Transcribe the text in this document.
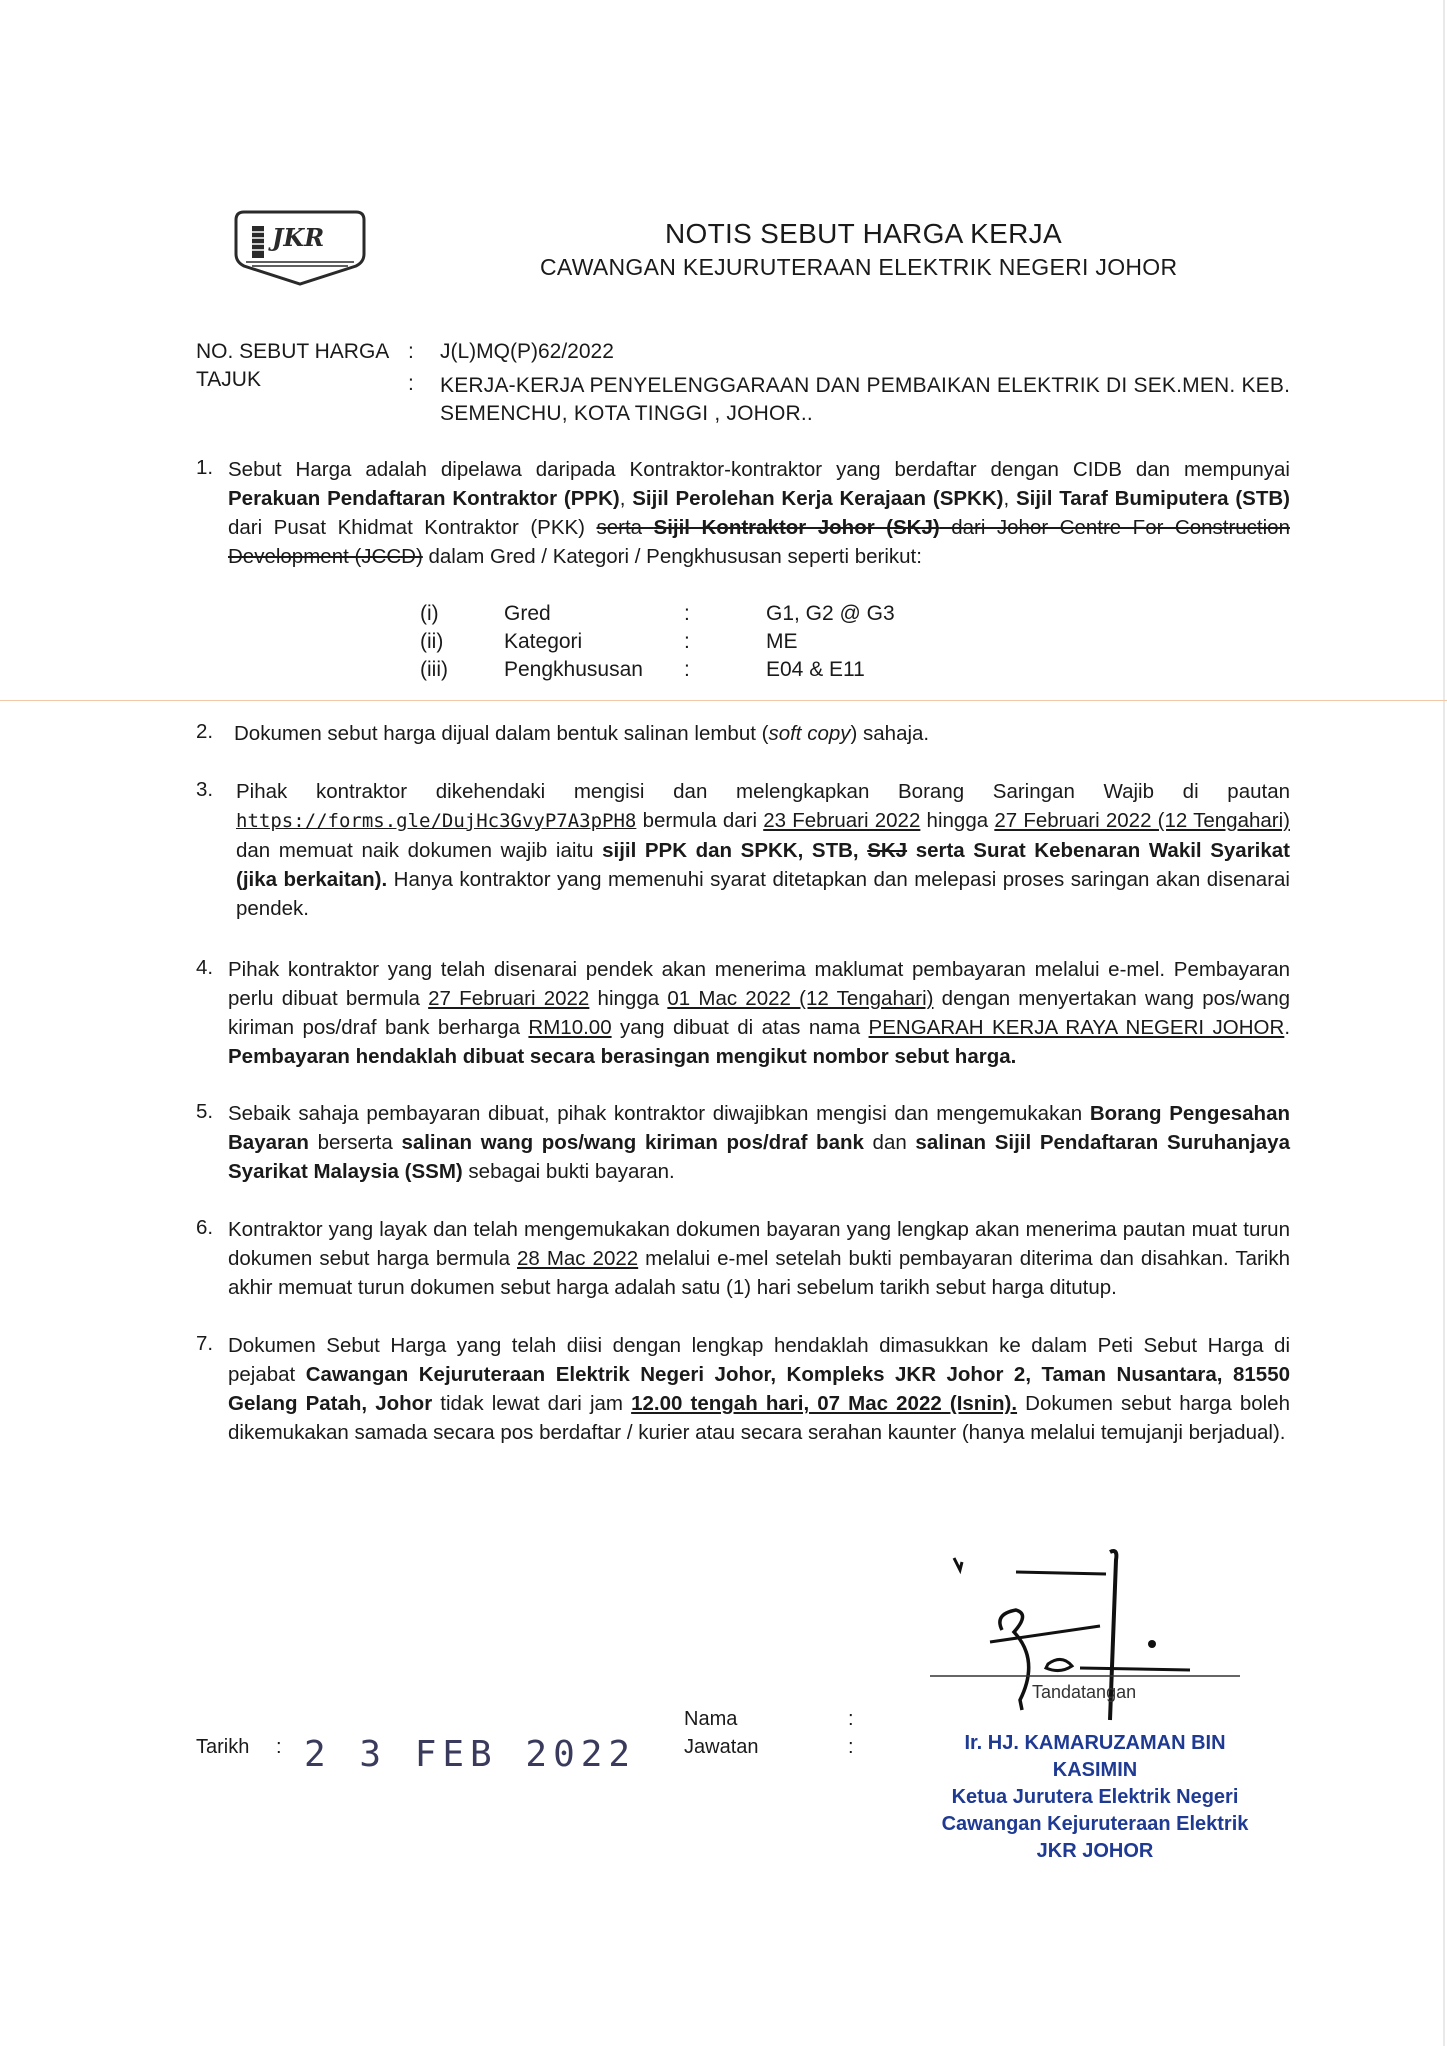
JKR	NOTIS SEBUT HARGA KERJA
CAWANGAN KEJURUTERAAN ELEKTRIK NEGERI JOHOR
NO. SEBUT HARGA : J(L)MQ(P)62/2022
TAJUK	: KERJA-KERJA PENYELENGGARAAN DAN PEMBAIKAN ELEKTRIK DI SEK.MEN. KEB.
SEMENCHU, KOTA TINGGI , JOHOR..
1. Sebut Harga adalah dipelawa daripada Kontraktor-kontraktor yang berdaftar dengan CIDB dan mempunyai Perakuan Pendaftaran Kontraktor (PPK), Sijil Perolehan Kerja Kerajaan (SPKK), Sijil Taraf Bumiputera (STB) dari Pusat Khidmat Kontraktor (PKK) serta Sijil Kontraktor Johor (SKJ) dari Johor Centre For Construction Development (JCCD) dalam Gred / Kategori / Pengkhususan seperti berikut:
(i)	Gred	:	G1, G2 @ G3
(ii)	Kategori	:	ME
(iii)	Pengkhususan	:	E04 & E11
2. Dokumen sebut harga dijual dalam bentuk salinan lembut (soft copy) sahaja.
3. Pihak kontraktor dikehendaki mengisi dan melengkapkan Borang Saringan Wajib di pautan https://forms.gle/DujHc3GvyP7A3pPH8 bermula dari 23 Februari 2022 hingga 27 Februari 2022 (12 Tengahari) dan memuat naik dokumen wajib iaitu sijil PPK dan SPKK, STB, SKJ serta Surat Kebenaran Wakil Syarikat (jika berkaitan). Hanya kontraktor yang memenuhi syarat ditetapkan dan melepasi proses saringan akan disenarai pendek.
4. Pihak kontraktor yang telah disenarai pendek akan menerima maklumat pembayaran melalui e-mel. Pembayaran perlu dibuat bermula 27 Februari 2022 hingga 01 Mac 2022 (12 Tengahari) dengan menyertakan wang pos/wang kiriman pos/draf bank berharga RM10.00 yang dibuat di atas nama PENGARAH KERJA RAYA NEGERI JOHOR. Pembayaran hendaklah dibuat secara berasingan mengikut nombor sebut harga.
5. Sebaik sahaja pembayaran dibuat, pihak kontraktor diwajibkan mengisi dan mengemukakan Borang Pengesahan Bayaran berserta salinan wang pos/wang kiriman pos/draf bank dan salinan Sijil Pendaftaran Suruhanjaya Syarikat Malaysia (SSM) sebagai bukti bayaran.
6. Kontraktor yang layak dan telah mengemukakan dokumen bayaran yang lengkap akan menerima pautan muat turun dokumen sebut harga bermula 28 Mac 2022 melalui e-mel setelah bukti pembayaran diterima dan disahkan. Tarikh akhir memuat turun dokumen sebut harga adalah satu (1) hari sebelum tarikh sebut harga ditutup.
7. Dokumen Sebut Harga yang telah diisi dengan lengkap hendaklah dimasukkan ke dalam Peti Sebut Harga di pejabat Cawangan Kejuruteraan Elektrik Negeri Johor, Kompleks JKR Johor 2, Taman Nusantara, 81550 Gelang Patah, Johor tidak lewat dari jam 12.00 tengah hari, 07 Mac 2022 (Isnin). Dokumen sebut harga boleh dikemukakan samada secara pos berdaftar / kurier atau secara serahan kaunter (hanya melalui temujanji berjadual).
Tarikh : 2 3 FEB 2022
Nama	:
Jawatan	:
Tandatangan
Ir. HJ. KAMARUZAMAN BIN KASIMIN
Ketua Jurutera Elektrik Negeri
Cawangan Kejuruteraan Elektrik
JKR JOHOR
